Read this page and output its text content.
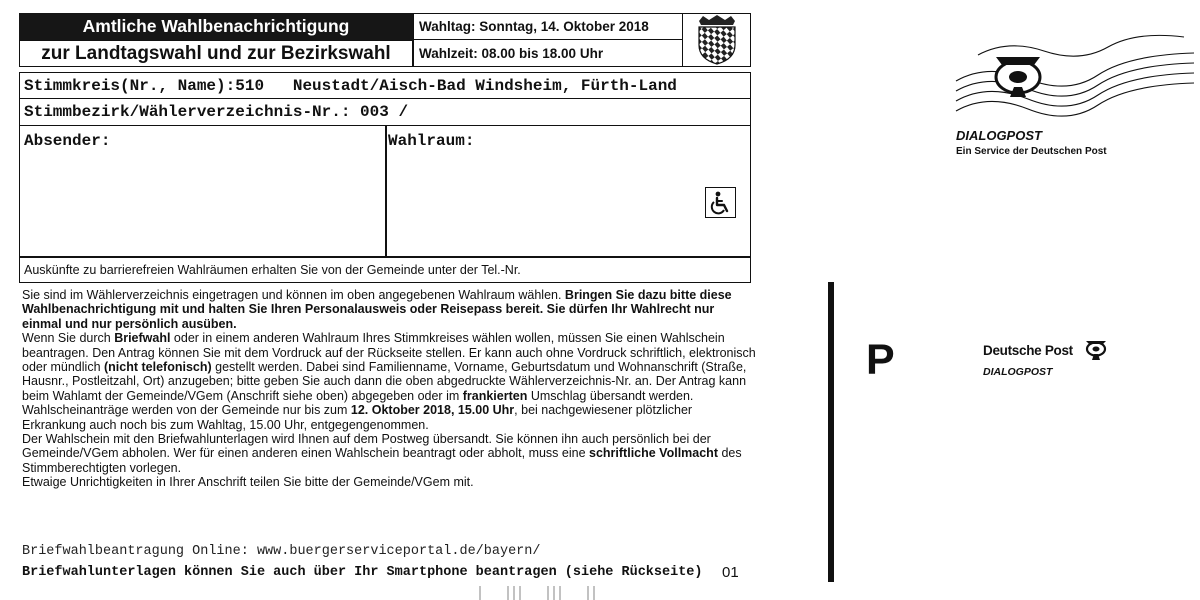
Amtliche Wahlbenachrichtigung
zur Landtagswahl und zur Bezirkswahl
Wahltag: Sonntag, 14. Oktober 2018
Wahlzeit: 08.00 bis 18.00 Uhr
Stimmkreis(Nr., Name):510   Neustadt/Aisch-Bad Windsheim, Fürth-Land
Stimmbezirk/Wählerverzeichnis-Nr.: 003 /
Absender:	Wahlraum:
Auskünfte zu barrierefreien Wahlräumen erhalten Sie von der Gemeinde unter der Tel.-Nr.

Sie sind im Wählerverzeichnis eingetragen und können im oben angegebenen Wahlraum wählen. Bringen Sie dazu bitte diese Wahlbenachrichtigung mit und halten Sie Ihren Personalausweis oder Reisepass bereit. Sie dürfen Ihr Wahlrecht nur einmal und nur persönlich ausüben.

Wenn Sie durch Briefwahl oder in einem anderen Wahlraum Ihres Stimmkreises wählen wollen, müssen Sie einen Wahlschein beantragen. Den Antrag können Sie mit dem Vordruck auf der Rückseite stellen. Er kann auch ohne Vordruck schriftlich, elektronisch oder mündlich (nicht telefonisch) gestellt werden. Dabei sind Familienname, Vorname, Geburtsdatum und Wohnanschrift (Straße, Hausnr., Postleitzahl, Ort) anzugeben; bitte geben Sie auch dann die oben abgedruckte Wählerverzeichnis-Nr. an. Der Antrag kann beim Wahlamt der Gemeinde/VGem (Anschrift siehe oben) abgegeben oder im frankierten Umschlag übersandt werden. Wahlscheinanträge werden von der Gemeinde nur bis zum 12. Oktober 2018, 15.00 Uhr, bei nachgewiesener plötzlicher Erkrankung auch noch bis zum Wahltag, 15.00 Uhr, entgegengenommen.

Der Wahlschein mit den Briefwahlunterlagen wird Ihnen auf dem Postweg übersandt. Sie können ihn auch persönlich bei der Gemeinde/VGem abholen. Wer für einen anderen einen Wahlschein beantragt oder abholt, muss eine schriftliche Vollmacht des Stimmberechtigten vorlegen.

Etwaige Unrichtigkeiten in Ihrer Anschrift teilen Sie bitte der Gemeinde/VGem mit.

Briefwahlbeantragung Online: www.buergerserviceportal.de/bayern/
Briefwahlunterlagen können Sie auch über Ihr Smartphone beantragen (siehe Rückseite) 01
DIALOGPOST
Ein Service der Deutschen Post
P	Deutsche Post
DIALOGPOST
